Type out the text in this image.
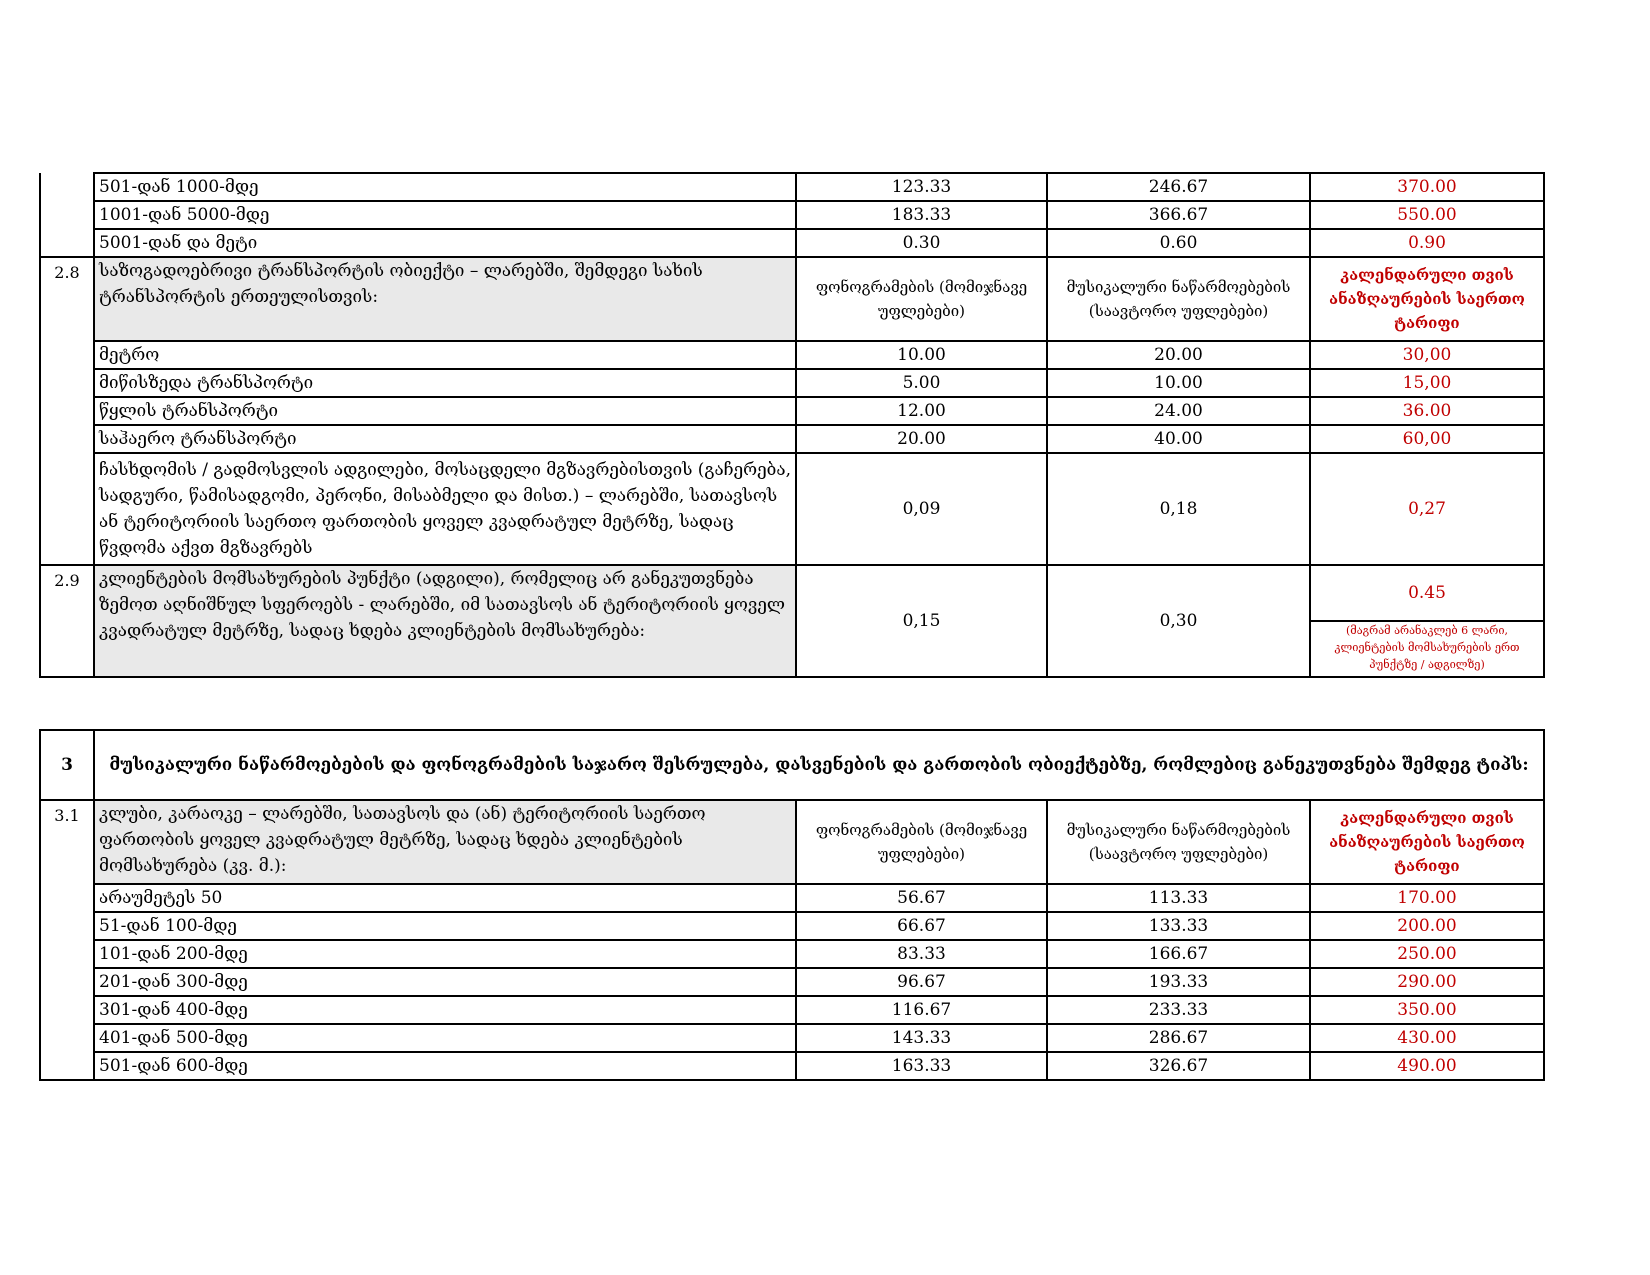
	501-დან 1000-მდე	123.33	246.67	370.00
	1001-დან 5000-მდე	183.33	366.67	550.00
	5001-დან და მეტი	0.30	0.60	0.90
2.8	საზოგადოებრივი ტრანსპორტის ობიექტი – ლარებში, შემდეგი სახის ტრანსპორტის ერთეულისთვის:	ფონოგრამების (მომიჯნავე უფლებები)	მუსიკალური ნაწარმოებების (საავტორო უფლებები)	კალენდარული თვის ანაზღაურების საერთო ტარიფი
	მეტრო	10.00	20.00	30,00
	მიწისზედა ტრანსპორტი	5.00	10.00	15,00
	წყლის ტრანსპორტი	12.00	24.00	36.00
	საჰაერო ტრანსპორტი	20.00	40.00	60,00
	ჩასხდომის / გადმოსვლის ადგილები, მოსაცდელი მგზავრებისთვის (გაჩერება, სადგური, წამისადგომი, პერონი, მისაბმელი და მისთ.) – ლარებში, სათავსოს ან ტერიტორიის საერთო ფართობის ყოველ კვადრატულ მეტრზე, სადაც წვდომა აქვთ მგზავრებს	0,09	0,18	0,27
2.9	კლიენტების მომსახურების პუნქტი (ადგილი), რომელიც არ განეკუთვნება ზემოთ აღნიშნულ სფეროებს - ლარებში, იმ სათავსოს ან ტერიტორიის ყოველ კვადრატულ მეტრზე, სადაც ხდება კლიენტების მომსახურება:	0,15	0,30	0.45
				(მაგრამ არანაკლებ 6 ლარი, კლიენტების მომსახურების ერთ პუნქტზე / ადგილზე)
3	მუსიკალური ნაწარმოებების და ფონოგრამების საჯარო შესრულება, დასვენების და გართობის ობიექტებზე, რომლებიც განეკუთვნება შემდეგ ტიპს:			
3.1	კლუბი, კარაოკე – ლარებში, სათავსოს და (ან) ტერიტორიის საერთო ფართობის ყოველ კვადრატულ მეტრზე, სადაც ხდება კლიენტების მომსახურება (კვ. მ.):	ფონოგრამების (მომიჯნავე უფლებები)	მუსიკალური ნაწარმოებების (საავტორო უფლებები)	კალენდარული თვის ანაზღაურების საერთო ტარიფი
	არაუმეტეს 50	56.67	113.33	170.00
	51-დან 100-მდე	66.67	133.33	200.00
	101-დან 200-მდე	83.33	166.67	250.00
	201-დან 300-მდე	96.67	193.33	290.00
	301-დან 400-მდე	116.67	233.33	350.00
	401-დან 500-მდე	143.33	286.67	430.00
	501-დან 600-მდე	163.33	326.67	490.00
